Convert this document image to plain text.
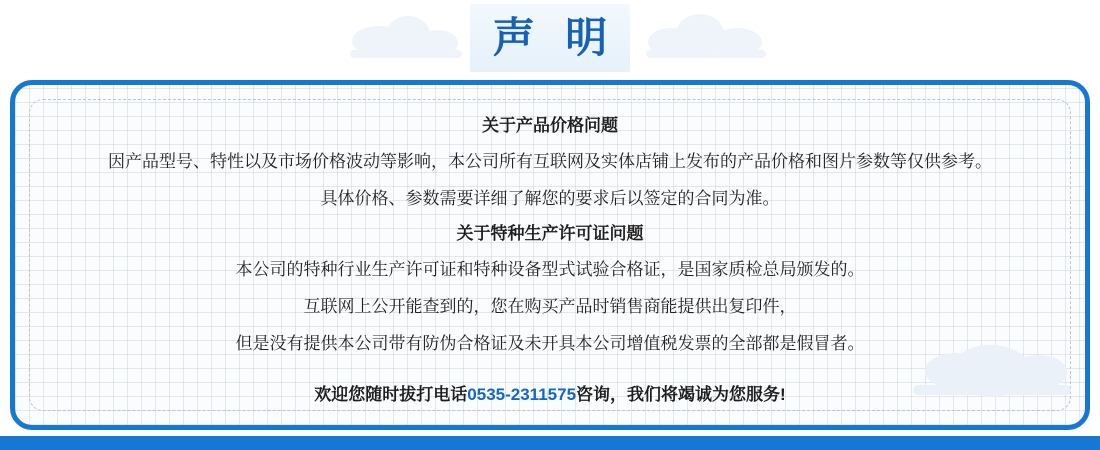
声 明

关于产品价格问题

因产品型号、特性以及市场价格波动等影响，本公司所有互联网及实体店铺上发布的产品价格和图片参数等仅供参考。

具体价格、参数需要详细了解您的要求后以签定的合同为准。

关于特种生产许可证问题

本公司的特种行业生产许可证和特种设备型式试验合格证，是国家质检总局颁发的。

互联网上公开能查到的，您在购买产品时销售商能提供出复印件，

但是没有提供本公司带有防伪合格证及未开具本公司增值税发票的全部都是假冒者。

欢迎您随时拔打电话0535-2311575咨询，我们将竭诚为您服务!
